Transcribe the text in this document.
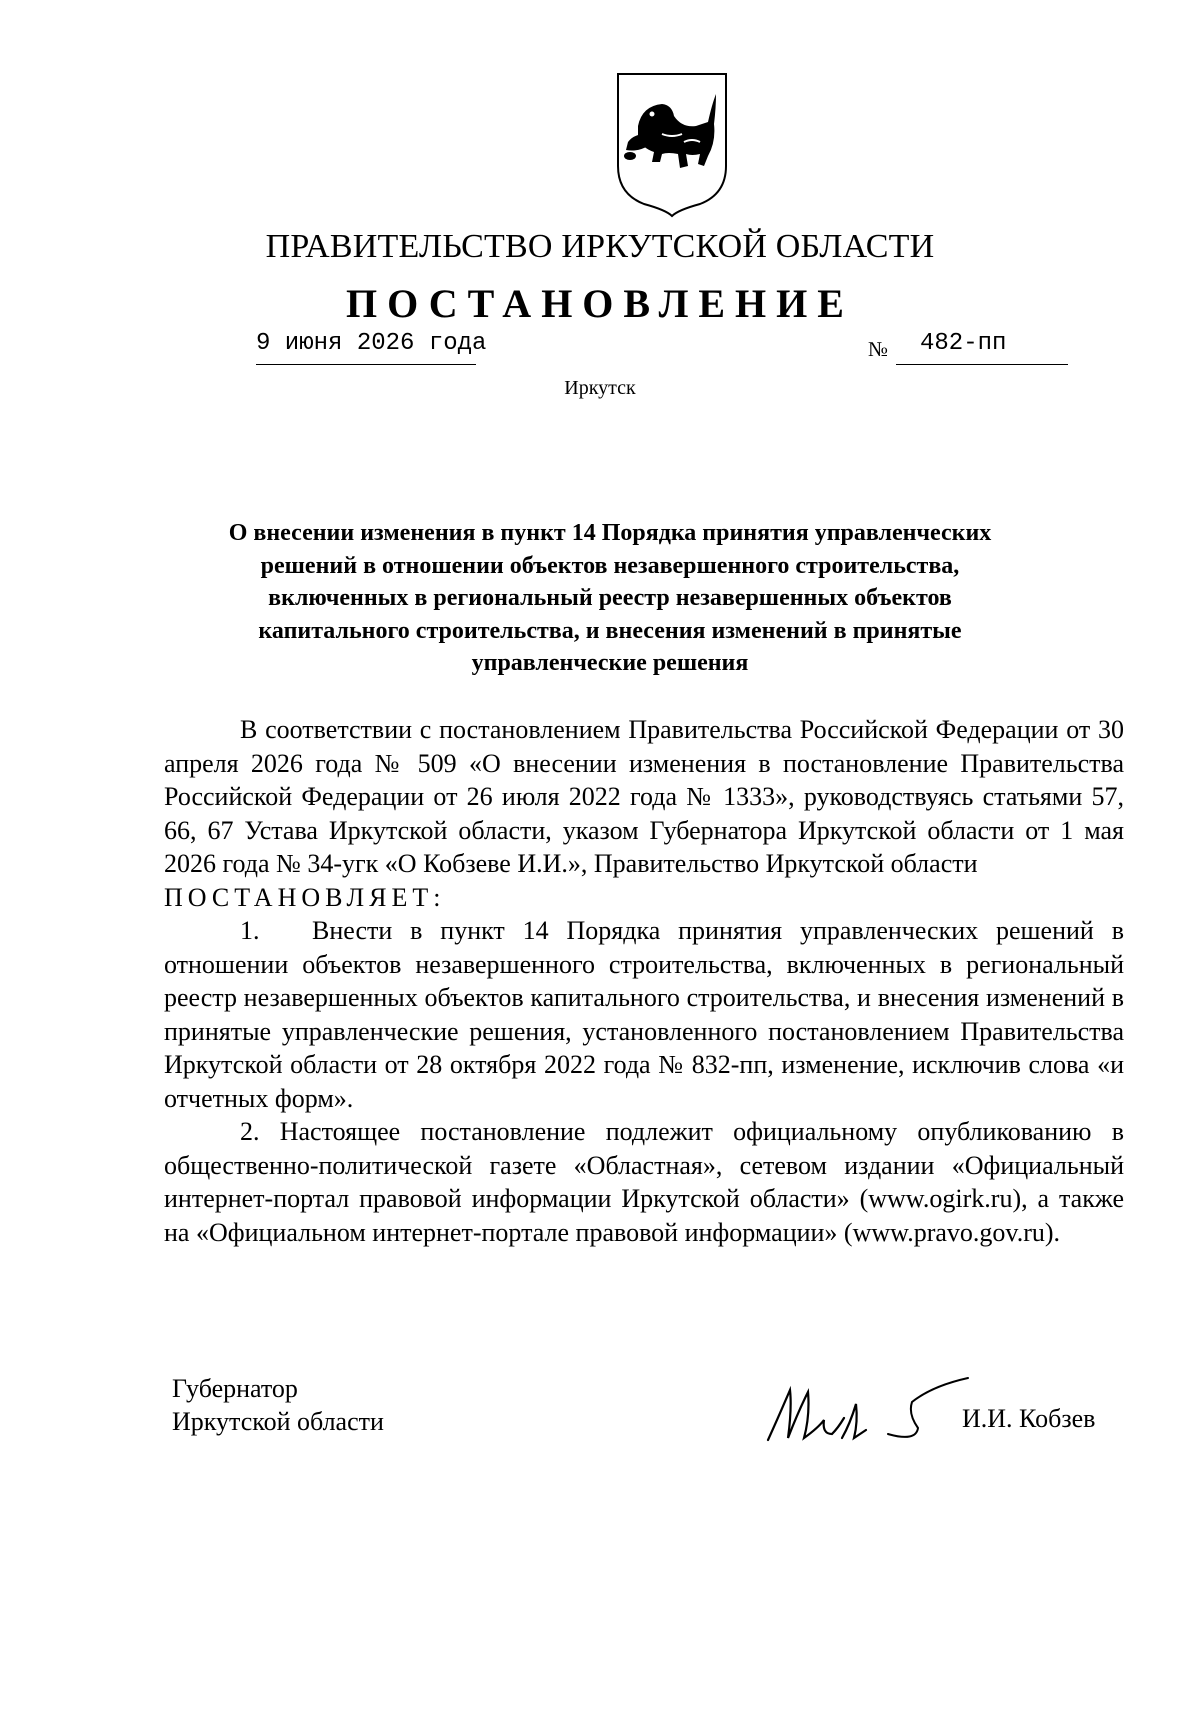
ПРАВИТЕЛЬСТВО ИРКУТСКОЙ ОБЛАСТИ
ПОСТАНОВЛЕНИЕ
9 июня 2026 года	№ 482-пп
Иркутск
О внесении изменения в пункт 14 Порядка принятия управленческих
решений в отношении объектов незавершенного строительства,
включенных в региональный реестр незавершенных объектов
капитального строительства, и внесения изменений в принятые
управленческие решения

В соответствии с постановлением Правительства Российской Федерации от 30 апреля 2026 года № 509 «О внесении изменения в постановление Правительства Российской Федерации от 26 июля 2022 года № 1333», руководствуясь статьями 57, 66, 67 Устава Иркутской области, указом Губернатора Иркутской области от 1 мая 2026 года № 34-угк «О Кобзеве И.И.», Правительство Иркутской области

ПОСТАНОВЛЯЕТ:

1. Внести в пункт 14 Порядка принятия управленческих решений в отношении объектов незавершенного строительства, включенных в региональный реестр незавершенных объектов капитального строительства, и внесения изменений в принятые управленческие решения, установленного постановлением Правительства Иркутской области от 28 октября 2022 года № 832-пп, изменение, исключив слова «и отчетных форм».

2. Настоящее постановление подлежит официальному опубликованию в общественно-политической газете «Областная», сетевом издании «Официальный интернет-портал правовой информации Иркутской области» (www.ogirk.ru), а также на «Официальном интернет-портале правовой информации» (www.pravo.gov.ru).

Губернатор
Иркутской области	И.И. Кобзев
